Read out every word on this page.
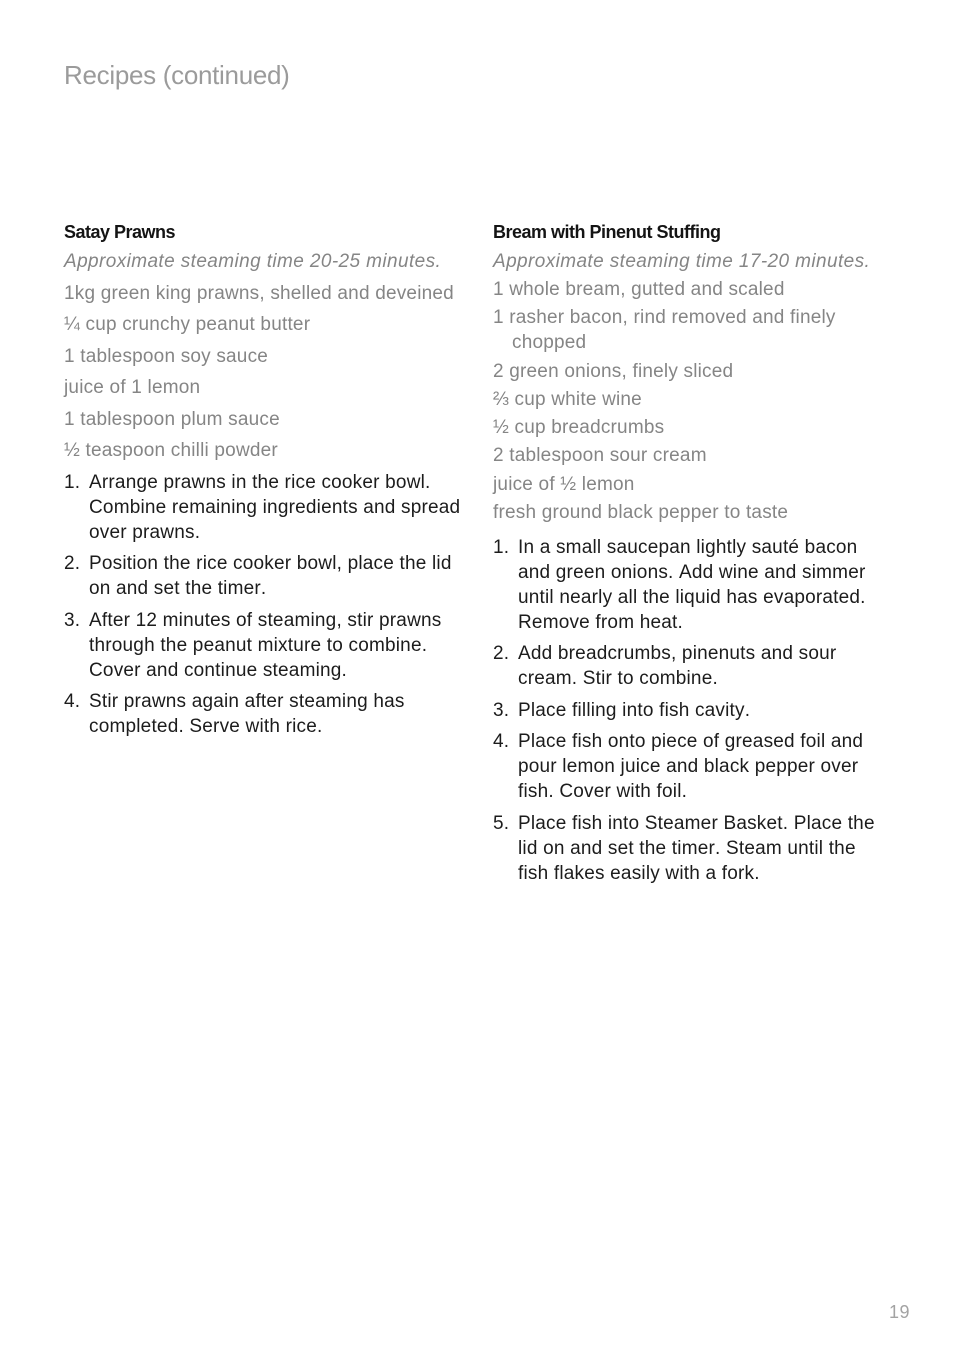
Recipes (continued)
Satay Prawns

Approximate steaming time 20-25 minutes.

1kg green king prawns, shelled and deveined
¼ cup crunchy peanut butter
1 tablespoon soy sauce
juice of 1 lemon
1 tablespoon plum sauce
½ teaspoon chilli powder
1. Arrange prawns in the rice cooker bowl. Combine remaining ingredients and spread over prawns.
2. Position the rice cooker bowl, place the lid on and set the timer.
3. After 12 minutes of steaming, stir prawns through the peanut mixture to combine. Cover and continue steaming.
4. Stir prawns again after steaming has completed. Serve with rice.
Bream with Pinenut Stuffing

Approximate steaming time 17-20 minutes.

1 whole bream, gutted and scaled
1 rasher bacon, rind removed and finely chopped
2 green onions, finely sliced
⅔ cup white wine
½ cup breadcrumbs
2 tablespoon sour cream
juice of ½ lemon
fresh ground black pepper to taste
1. In a small saucepan lightly sauté bacon and green onions. Add wine and simmer until nearly all the liquid has evaporated. Remove from heat.
2. Add breadcrumbs, pinenuts and sour cream. Stir to combine.
3. Place filling into fish cavity.
4. Place fish onto piece of greased foil and pour lemon juice and black pepper over fish. Cover with foil.
5. Place fish into Steamer Basket. Place the lid on and set the timer. Steam until the fish flakes easily with a fork.
19
